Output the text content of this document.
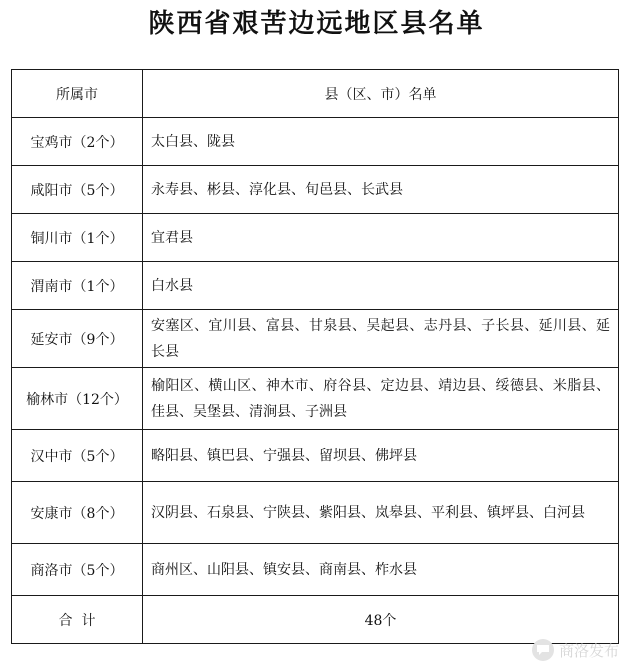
陕西省艰苦边远地区县名单
所属市	县（区、市）名单
宝鸡市（2个）	太白县、陇县
咸阳市（5个）	永寿县、彬县、淳化县、旬邑县、长武县
铜川市（1个）	宜君县
渭南市（1个）	白水县
延安市（9个）	安塞区、宜川县、富县、甘泉县、吴起县、志丹县、子长县、延川县、延长县
榆林市（12个）	榆阳区、横山区、神木市、府谷县、定边县、靖边县、绥德县、米脂县、佳县、吴堡县、清涧县、子洲县
汉中市（5个）	略阳县、镇巴县、宁强县、留坝县、佛坪县
安康市（8个）	汉阴县、石泉县、宁陕县、紫阳县、岚皋县、平利县、镇坪县、白河县
商洛市（5个）	商州区、山阳县、镇安县、商南县、柞水县
合  计	48个
商洛发布
